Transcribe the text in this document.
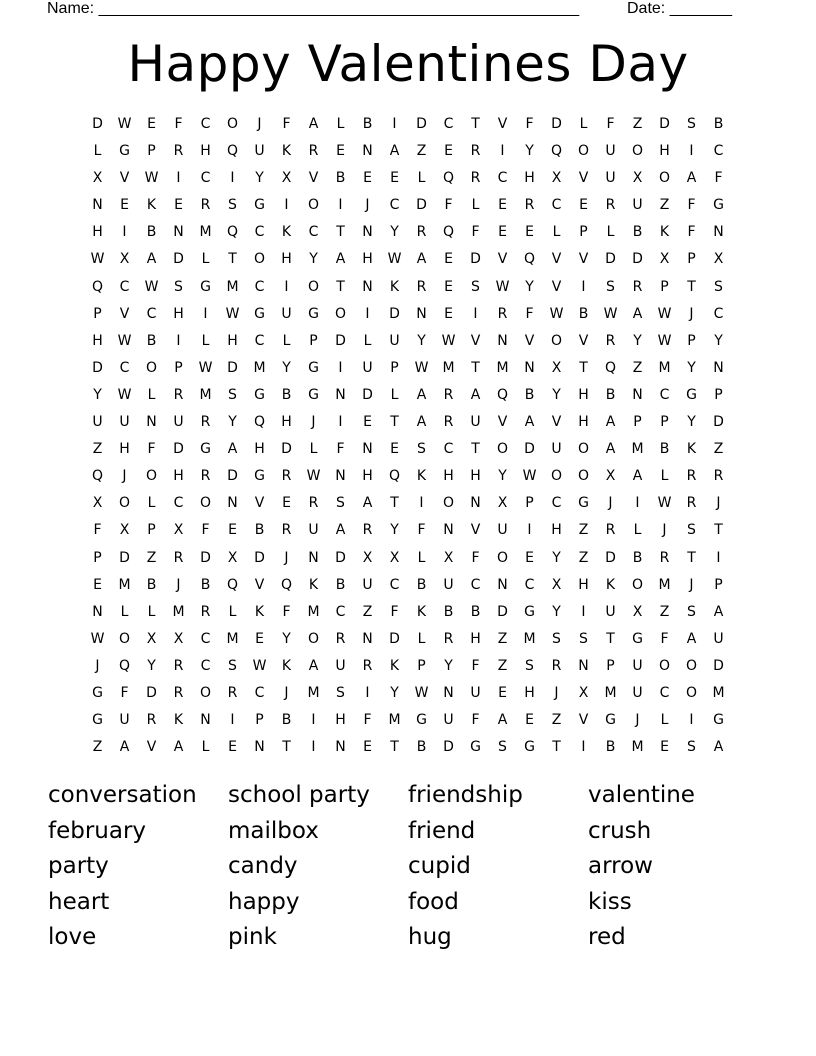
Name: ______________________________________________________	Date: _______
Happy Valentines Day
D	W	E	F	C	O	J	F	A	L	B	I	D	C	T	V	F	D	L	F	Z	D	S	B
L	G	P	R	H	Q	U	K	R	E	N	A	Z	E	R	I	Y	Q	O	U	O	H	I	C
X	V	W	I	C	I	Y	X	V	B	E	E	L	Q	R	C	H	X	V	U	X	O	A	F
N	E	K	E	R	S	G	I	O	I	J	C	D	F	L	E	R	C	E	R	U	Z	F	G
H	I	B	N	M	Q	C	K	C	T	N	Y	R	Q	F	E	E	L	P	L	B	K	F	N
W	X	A	D	L	T	O	H	Y	A	H	W	A	E	D	V	Q	V	V	D	D	X	P	X
Q	C	W	S	G	M	C	I	O	T	N	K	R	E	S	W	Y	V	I	S	R	P	T	S
P	V	C	H	I	W	G	U	G	O	I	D	N	E	I	R	F	W	B	W	A	W	J	C
H	W	B	I	L	H	C	L	P	D	L	U	Y	W	V	N	V	O	V	R	Y	W	P	Y
D	C	O	P	W	D	M	Y	G	I	U	P	W	M	T	M	N	X	T	Q	Z	M	Y	N
Y	W	L	R	M	S	G	B	G	N	D	L	A	R	A	Q	B	Y	H	B	N	C	G	P
U	U	N	U	R	Y	Q	H	J	I	E	T	A	R	U	V	A	V	H	A	P	P	Y	D
Z	H	F	D	G	A	H	D	L	F	N	E	S	C	T	O	D	U	O	A	M	B	K	Z
Q	J	O	H	R	D	G	R	W	N	H	Q	K	H	H	Y	W	O	O	X	A	L	R	R
X	O	L	C	O	N	V	E	R	S	A	T	I	O	N	X	P	C	G	J	I	W	R	J
F	X	P	X	F	E	B	R	U	A	R	Y	F	N	V	U	I	H	Z	R	L	J	S	T
P	D	Z	R	D	X	D	J	N	D	X	X	L	X	F	O	E	Y	Z	D	B	R	T	I
E	M	B	J	B	Q	V	Q	K	B	U	C	B	U	C	N	C	X	H	K	O	M	J	P
N	L	L	M	R	L	K	F	M	C	Z	F	K	B	B	D	G	Y	I	U	X	Z	S	A
W	O	X	X	C	M	E	Y	O	R	N	D	L	R	H	Z	M	S	S	T	G	F	A	U
J	Q	Y	R	C	S	W	K	A	U	R	K	P	Y	F	Z	S	R	N	P	U	O	O	D
G	F	D	R	O	R	C	J	M	S	I	Y	W	N	U	E	H	J	X	M	U	C	O	M
G	U	R	K	N	I	P	B	I	H	F	M	G	U	F	A	E	Z	V	G	J	L	I	G
Z	A	V	A	L	E	N	T	I	N	E	T	B	D	G	S	G	T	I	B	M	E	S	A
conversation	school party	friendship	valentine
february	mailbox	friend	crush
party	candy	cupid	arrow
heart	happy	food	kiss
love	pink	hug	red
